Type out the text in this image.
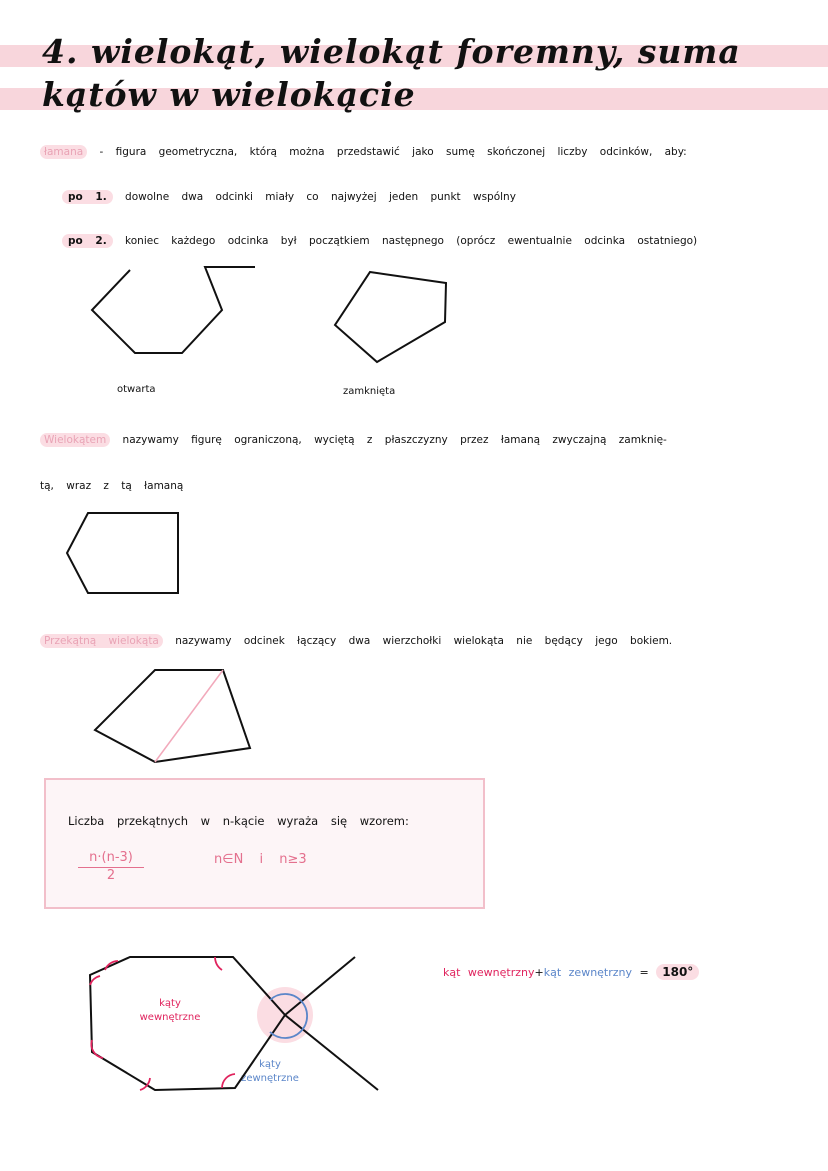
4. wielokąt, wielokąt foremny, suma
kątów w wielokącie
łamana - figura geometryczna, którą można przedstawić jako sumę skończonej liczby odcinków, aby:
po 1. dowolne dwa odcinki miały co najwyżej jeden punkt wspólny
po 2. koniec każdego odcinka był początkiem następnego (oprócz ewentualnie odcinka ostatniego)
otwarta	zamknięta
Wielokątem nazywamy figurę ograniczoną, wyciętą z płaszczyzny przez łamaną zwyczajną zamknię-
tą, wraz z tą łamaną
Przekątną wielokąta nazywamy odcinek łączący dwa wierzchołki wielokąta nie będący jego bokiem.
Liczba przekątnych w n-kącie wyraża się wzorem:
$\frac{n\cdot(n-3)}{2}$	n∈N i n≥3
kąty wewnętrzne
kąty zewnętrzne
kąt wewnętrzny+kąt zewnętrzny = 180°
